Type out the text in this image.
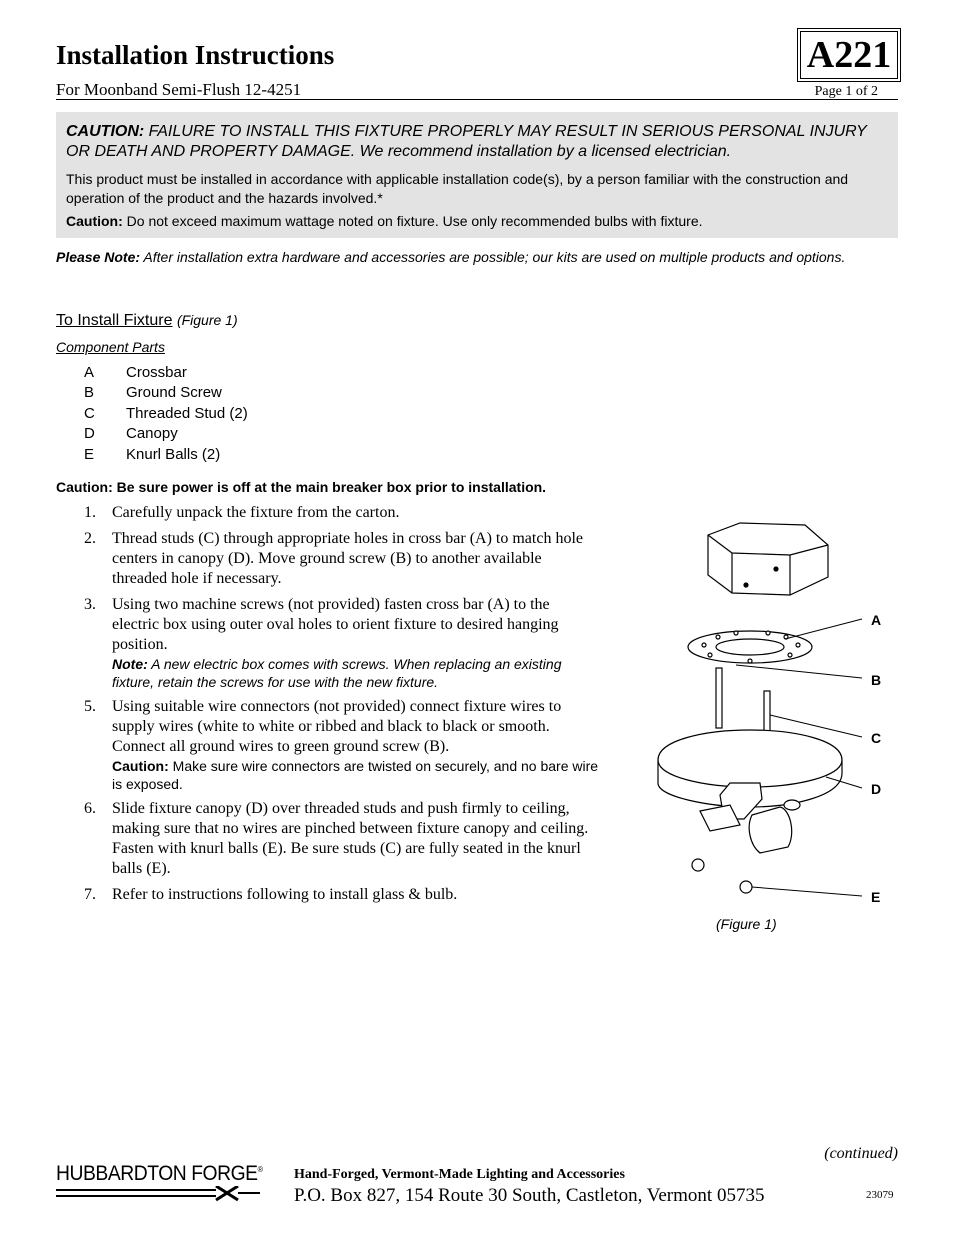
Installation Instructions
For Moonband Semi-Flush 12-4251
A221
Page 1 of 2

CAUTION: FAILURE TO INSTALL THIS FIXTURE PROPERLY MAY RESULT IN SERIOUS PERSONAL INJURY OR DEATH AND PROPERTY DAMAGE. We recommend installation by a licensed electrician.

This product must be installed in accordance with applicable installation code(s), by a person familiar with the construction and operation of the product and the hazards involved.*

Caution: Do not exceed maximum wattage noted on fixture. Use only recommended bulbs with fixture.

Please Note: After installation extra hardware and accessories are possible; our kits are used on multiple products and options.
To Install Fixture (Figure 1)
Component Parts
A	Crossbar
B	Ground Screw
C	Threaded Stud (2)
D	Canopy
E	Knurl Balls (2)
Caution: Be sure power is off at the main breaker box prior to installation.
1.	Carefully unpack the fixture from the carton.
2.	Thread studs (C) through appropriate holes in cross bar (A) to match hole centers in canopy (D). Move ground screw (B) to another available threaded hole if necessary.
3.	Using two machine screws (not provided) fasten cross bar (A) to the electric box using outer oval holes to orient fixture to desired hanging position.
Note: A new electric box comes with screws. When replacing an existing fixture, retain the screws for use with the new fixture.
5.	Using suitable wire connectors (not provided) connect fixture wires to supply wires (white to white or ribbed and black to black or smooth. Connect all ground wires to green ground screw (B).
Caution: Make sure wire connectors are twisted on securely, and no bare wire is exposed.
6.	Slide fixture canopy (D) over threaded studs and push firmly to ceiling, making sure that no wires are pinched between fixture canopy and ceiling. Fasten with knurl balls (E). Be sure studs (C) are fully seated in the knurl balls (E).
7.	Refer to instructions following to install glass & bulb.
A
B
C
D
E
(Figure 1)
(continued)
HUBBARDTON FORGE® Hand-Forged, Vermont-Made Lighting and Accessories
P.O. Box 827, 154 Route 30 South, Castleton, Vermont 05735	23079
